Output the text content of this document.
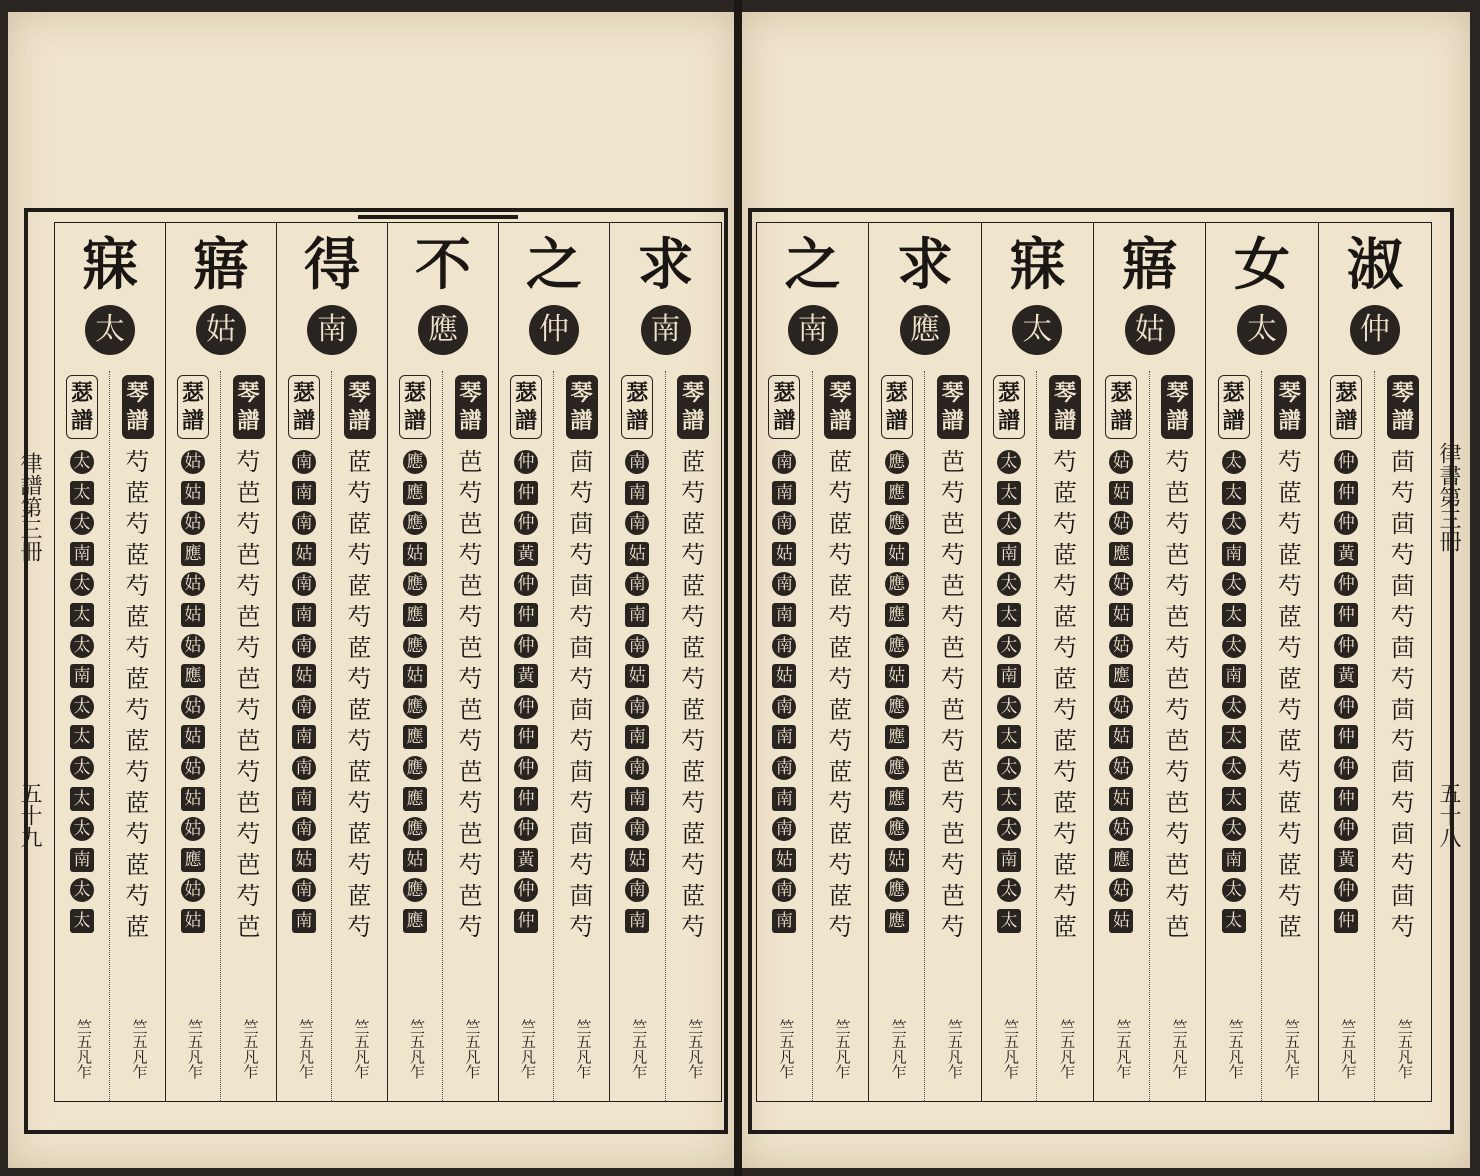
律譜第三冊
五十九
寐
太
瑟
譜
太
太
太
南
太
太
太
南
太
太
太
太
太
南
太
太
竺五凡乍
琴
譜
芍
茝
芍
茝
芍
茝
芍
茝
芍
茝
芍
茝
芍
茝
芍
茝
竺五凡乍
寤
姑
瑟
譜
姑
姑
姑
應
姑
姑
姑
應
姑
姑
姑
姑
姑
應
姑
姑
竺五凡乍
琴
譜
芍
芭
芍
芭
芍
芭
芍
芭
芍
芭
芍
芭
芍
芭
芍
芭
竺五凡乍
得
南
瑟
譜
南
南
南
姑
南
南
南
姑
南
南
南
南
南
姑
南
南
竺五凡乍
琴
譜
茝
芍
茝
芍
茝
芍
茝
芍
茝
芍
茝
芍
茝
芍
茝
芍
竺五凡乍
不
應
瑟
譜
應
應
應
姑
應
應
應
姑
應
應
應
應
應
姑
應
應
竺五凡乍
琴
譜
芭
芍
芭
芍
芭
芍
芭
芍
芭
芍
芭
芍
芭
芍
芭
芍
竺五凡乍
之
仲
瑟
譜
仲
仲
仲
黃
仲
仲
仲
黃
仲
仲
仲
仲
仲
黃
仲
仲
竺五凡乍
琴
譜
茴
芍
茴
芍
茴
芍
茴
芍
茴
芍
茴
芍
茴
芍
茴
芍
竺五凡乍
求
南
瑟
譜
南
南
南
姑
南
南
南
姑
南
南
南
南
南
姑
南
南
竺五凡乍
琴
譜
茝
芍
茝
芍
茝
芍
茝
芍
茝
芍
茝
芍
茝
芍
茝
芍
竺五凡乍
律書第三冊
五十八
之
南
瑟
譜
南
南
南
姑
南
南
南
姑
南
南
南
南
南
姑
南
南
竺五凡乍
琴
譜
茝
芍
茝
芍
茝
芍
茝
芍
茝
芍
茝
芍
茝
芍
茝
芍
竺五凡乍
求
應
瑟
譜
應
應
應
姑
應
應
應
姑
應
應
應
應
應
姑
應
應
竺五凡乍
琴
譜
芭
芍
芭
芍
芭
芍
芭
芍
芭
芍
芭
芍
芭
芍
芭
芍
竺五凡乍
寐
太
瑟
譜
太
太
太
南
太
太
太
南
太
太
太
太
太
南
太
太
竺五凡乍
琴
譜
芍
茝
芍
茝
芍
茝
芍
茝
芍
茝
芍
茝
芍
茝
芍
茝
竺五凡乍
寤
姑
瑟
譜
姑
姑
姑
應
姑
姑
姑
應
姑
姑
姑
姑
姑
應
姑
姑
竺五凡乍
琴
譜
芍
芭
芍
芭
芍
芭
芍
芭
芍
芭
芍
芭
芍
芭
芍
芭
竺五凡乍
女
太
瑟
譜
太
太
太
南
太
太
太
南
太
太
太
太
太
南
太
太
竺五凡乍
琴
譜
芍
茝
芍
茝
芍
茝
芍
茝
芍
茝
芍
茝
芍
茝
芍
茝
竺五凡乍
淑
仲
瑟
譜
仲
仲
仲
黃
仲
仲
仲
黃
仲
仲
仲
仲
仲
黃
仲
仲
竺五凡乍
琴
譜
茴
芍
茴
芍
茴
芍
茴
芍
茴
芍
茴
芍
茴
芍
茴
芍
竺五凡乍
